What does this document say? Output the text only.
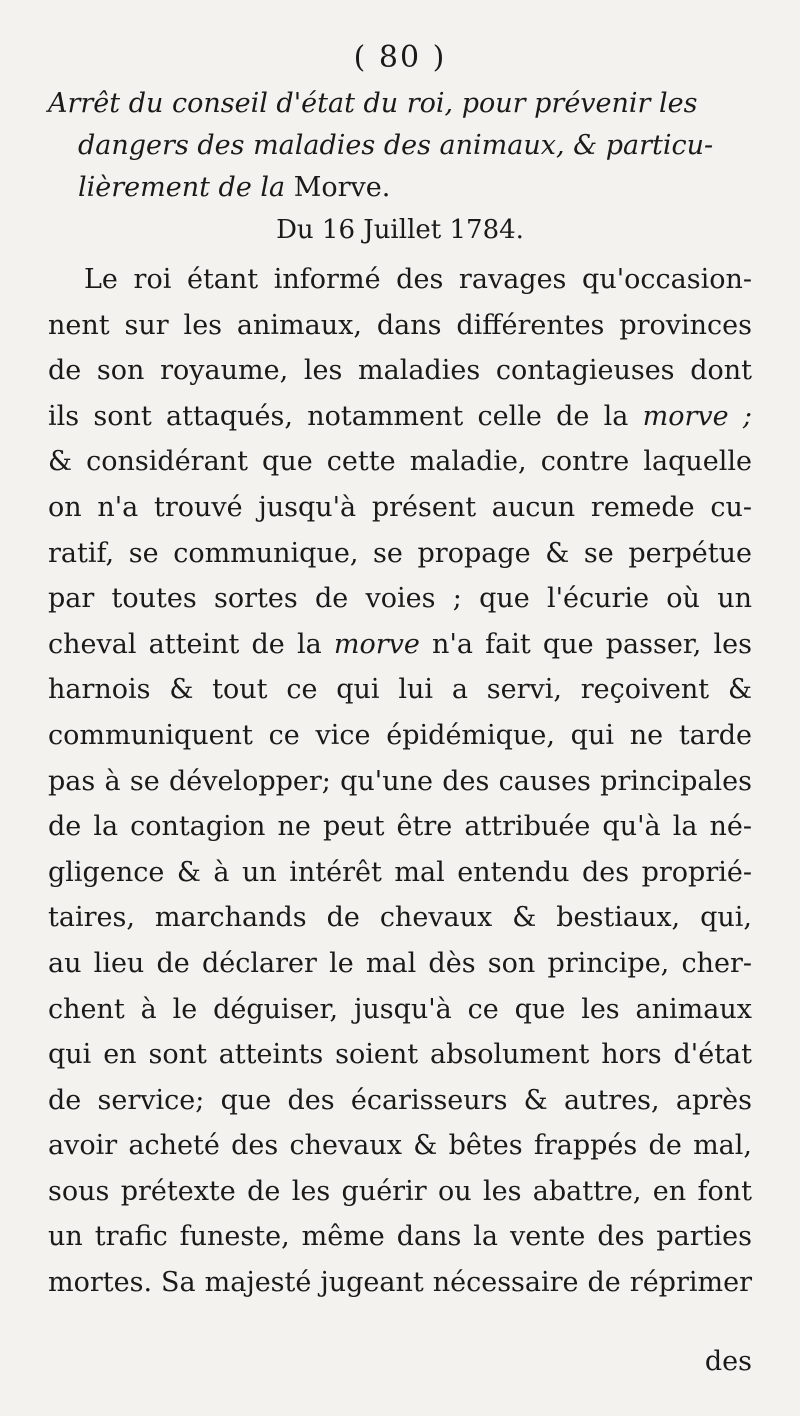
( 80 )

Arrêt du conseil d'état du roi, pour prévenir les
dangers des maladies des animaux, & particu-
lièrement de la Morve.

Du 16 Juillet 1784.

Le roi étant informé des ravages qu'occasion-
nent sur les animaux, dans différentes provinces
de son royaume, les maladies contagieuses dont
ils sont attaqués, notamment celle de la morve ;
& considérant que cette maladie, contre laquelle
on n'a trouvé jusqu'à présent aucun remede cu-
ratif, se communique, se propage & se perpétue
par toutes sortes de voies ; que l'écurie où un
cheval atteint de la morve n'a fait que passer, les
harnois & tout ce qui lui a servi, reçoivent &
communiquent ce vice épidémique, qui ne tarde
pas à se développer; qu'une des causes principales
de la contagion ne peut être attribuée qu'à la né-
gligence & à un intérêt mal entendu des proprié-
taires, marchands de chevaux & bestiaux, qui,
au lieu de déclarer le mal dès son principe, cher-
chent à le déguiser, jusqu'à ce que les animaux
qui en sont atteints soient absolument hors d'état
de service; que des écarisseurs & autres, après
avoir acheté des chevaux & bêtes frappés de mal,
sous prétexte de les guérir ou les abattre, en font
un trafic funeste, même dans la vente des parties
mortes. Sa majesté jugeant nécessaire de réprimer
des
